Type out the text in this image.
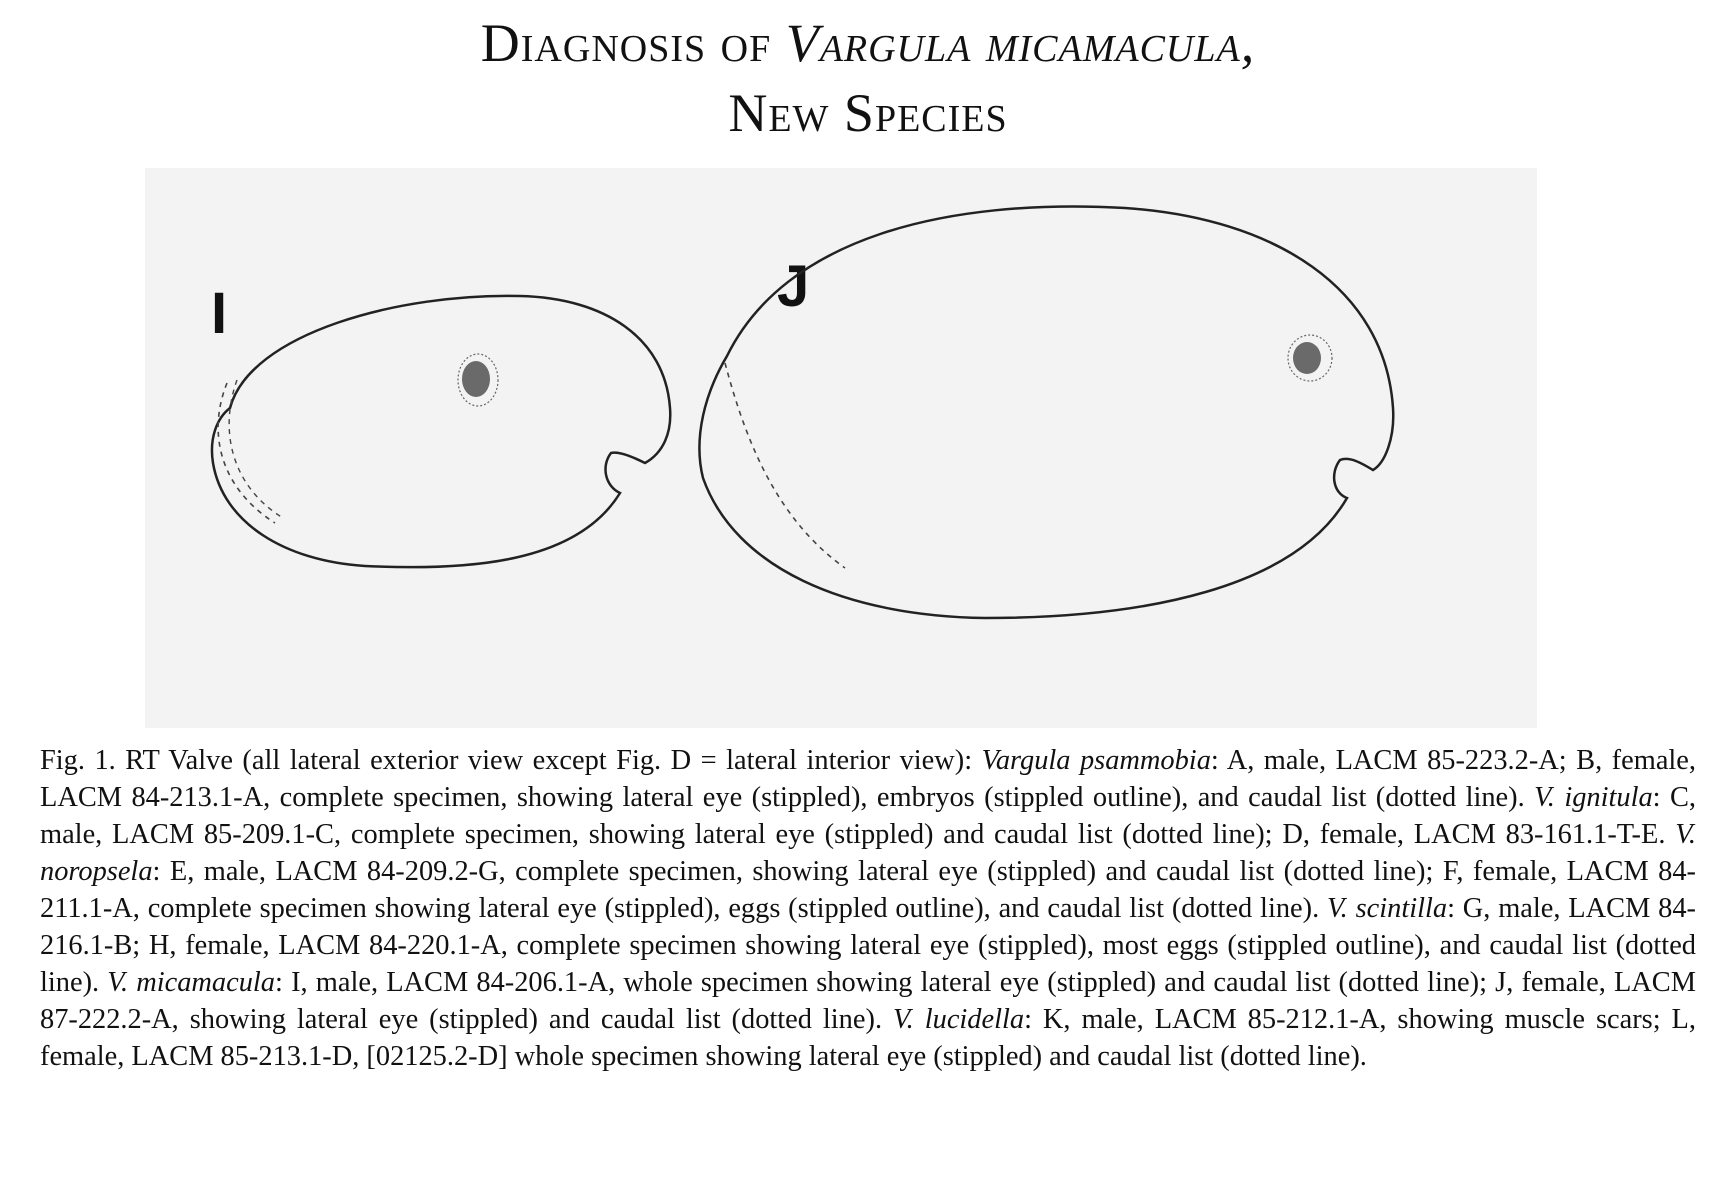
Diagnosis of Vargula micamacula,
New Species
I	J
Fig. 1. RT Valve (all lateral exterior view except Fig. D = lateral interior view): Vargula psammobia: A, male, LACM 85-223.2-A; B, female, LACM 84-213.1-A, complete specimen, showing lateral eye (stippled), embryos (stippled outline), and caudal list (dotted line). V. ignitula: C, male, LACM 85-209.1-C, complete specimen, showing lateral eye (stippled) and caudal list (dotted line); D, female, LACM 83-161.1-T-E. V. noropsela: E, male, LACM 84-209.2-G, complete specimen, showing lateral eye (stippled) and caudal list (dotted line); F, female, LACM 84-211.1-A, complete specimen showing lateral eye (stippled), eggs (stippled outline), and caudal list (dotted line). V. scintilla: G, male, LACM 84-216.1-B; H, female, LACM 84-220.1-A, complete specimen showing lateral eye (stippled), most eggs (stippled outline), and caudal list (dotted line). V. micamacula: I, male, LACM 84-206.1-A, whole specimen showing lateral eye (stippled) and caudal list (dotted line); J, female, LACM 87-222.2-A, showing lateral eye (stippled) and caudal list (dotted line). V. lucidella: K, male, LACM 85-212.1-A, showing muscle scars; L, female, LACM 85-213.1-D, [02125.2-D] whole specimen showing lateral eye (stippled) and caudal list (dotted line).
